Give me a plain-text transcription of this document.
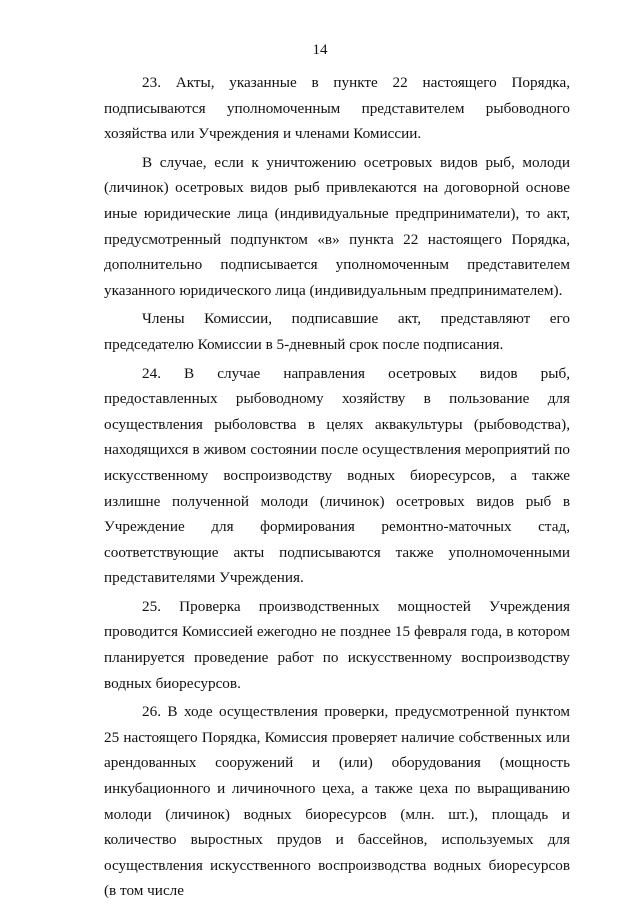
14

23. Акты, указанные в пункте 22 настоящего Порядка, подписываются уполномоченным представителем рыбоводного хозяйства или Учреждения и членами Комиссии.

В случае, если к уничтожению осетровых видов рыб, молоди (личинок) осетровых видов рыб привлекаются на договорной основе иные юридические лица (индивидуальные предприниматели), то акт, предусмотренный подпунктом «в» пункта 22 настоящего Порядка, дополнительно подписывается уполномоченным представителем указанного юридического лица (индивидуальным предпринимателем).

Члены Комиссии, подписавшие акт, представляют его председателю Комиссии в 5-дневный срок после подписания.

24. В случае направления осетровых видов рыб, предоставленных рыбоводному хозяйству в пользование для осуществления рыболовства в целях аквакультуры (рыбоводства), находящихся в живом состоянии после осуществления мероприятий по искусственному воспроизводству водных биоресурсов, а также излишне полученной молоди (личинок) осетровых видов рыб в Учреждение для формирования ремонтно-маточных стад, соответствующие акты подписываются также уполномоченными представителями Учреждения.

25. Проверка производственных мощностей Учреждения проводится Комиссией ежегодно не позднее 15 февраля года, в котором планируется проведение работ по искусственному воспроизводству водных биоресурсов.

26. В ходе осуществления проверки, предусмотренной пунктом 25 настоящего Порядка, Комиссия проверяет наличие собственных или арендованных сооружений и (или) оборудования (мощность инкубационного и личиночного цеха, а также цеха по выращиванию молоди (личинок) водных биоресурсов (млн. шт.), площадь и количество выростных прудов и бассейнов, используемых для осуществления искусственного воспроизводства водных биоресурсов (в том числе
